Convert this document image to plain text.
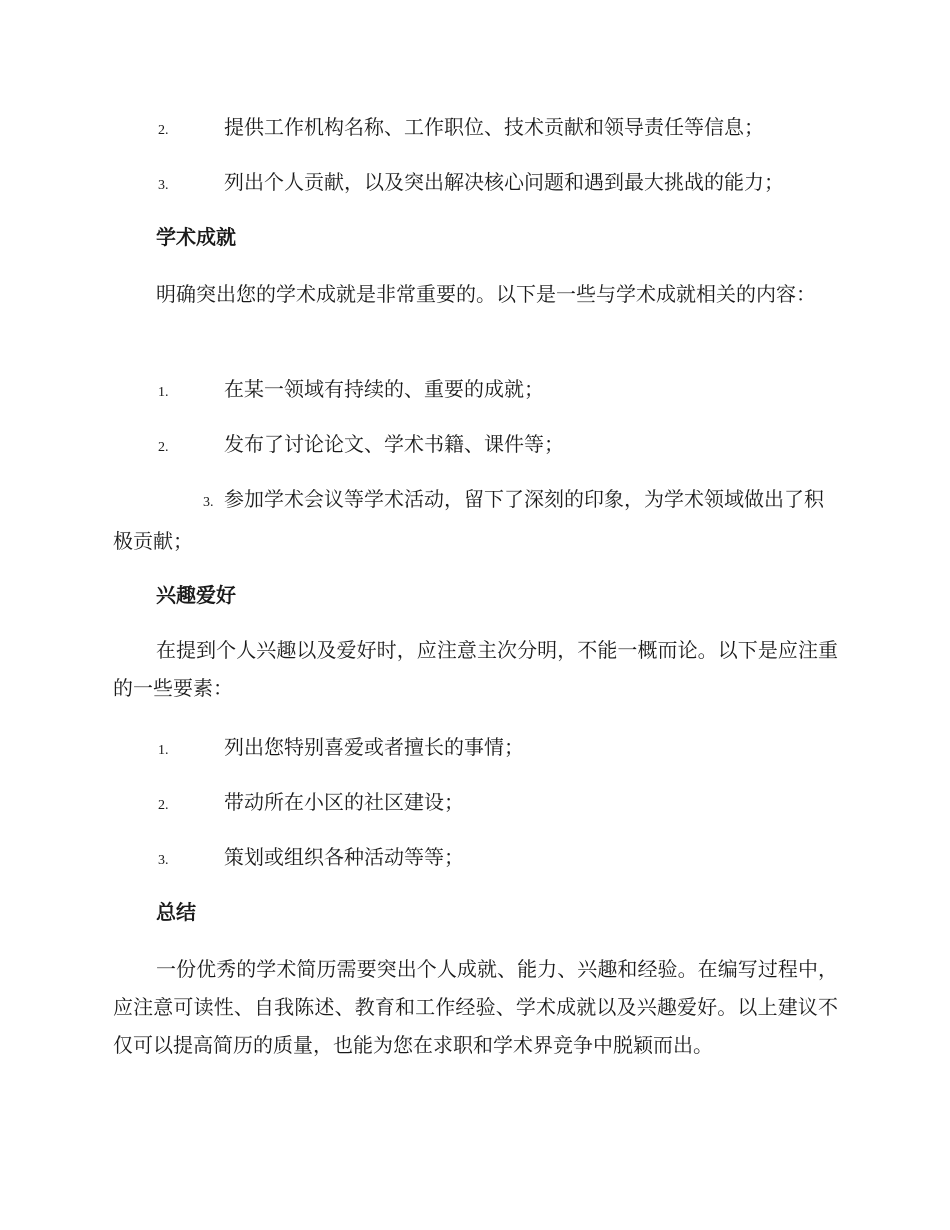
2.	提供工作机构名称、工作职位、技术贡献和领导责任等信息；

3.	列出个人贡献，以及突出解决核心问题和遇到最大挑战的能力；

学术成就

明确突出您的学术成就是非常重要的。以下是一些与学术成就相关的内容：

1.	在某一领域有持续的、重要的成就；

2.	发布了讨论论文、学术书籍、课件等；

3. 参加学术会议等学术活动，留下了深刻的印象，为学术领域做出了积极贡献；

兴趣爱好

在提到个人兴趣以及爱好时，应注意主次分明，不能一概而论。以下是应注重的一些要素：

1.	列出您特别喜爱或者擅长的事情；

2.	带动所在小区的社区建设；

3.	策划或组织各种活动等等；

总结

一份优秀的学术简历需要突出个人成就、能力、兴趣和经验。在编写过程中，应注意可读性、自我陈述、教育和工作经验、学术成就以及兴趣爱好。以上建议不仅可以提高简历的质量，也能为您在求职和学术界竞争中脱颖而出。
